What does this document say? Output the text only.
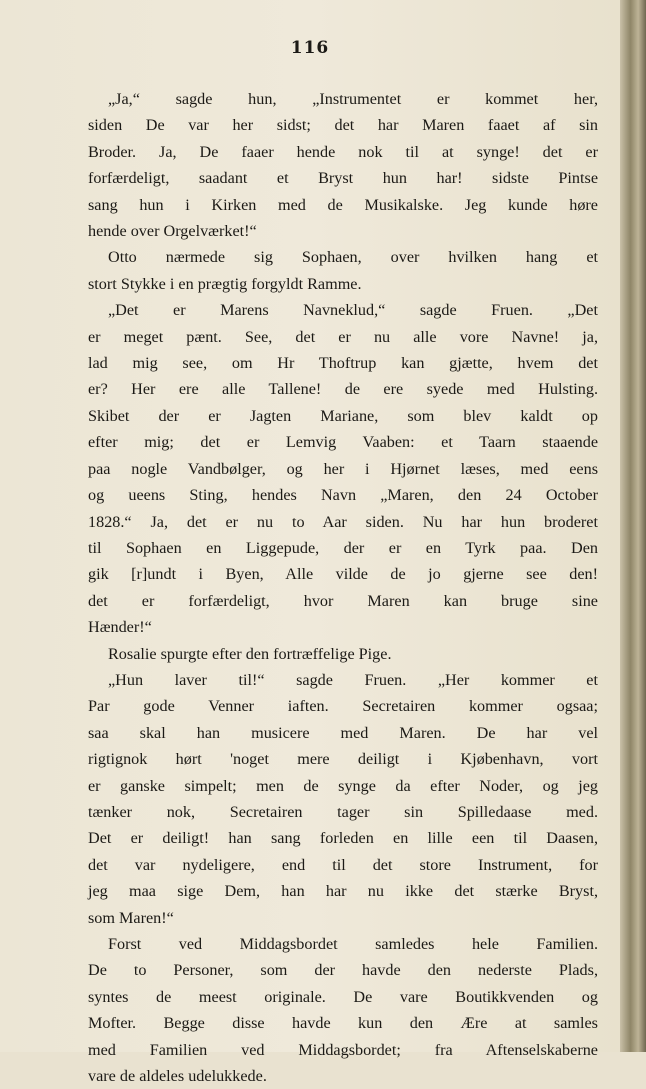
116
„Ja,“ sagde hun, „Instrumentet er kommet her,
siden De var her sidst; det har Maren faaet af sin
Broder. Ja, De faaer hende nok til at synge! det er
forfærdeligt, saadant et Bryst hun har! sidste Pintse
sang hun i Kirken med de Musikalske. Jeg kunde høre
hende over Orgelværket!“
Otto nærmede sig Sophaen, over hvilken hang et
stort Stykke i en prægtig forgyldt Ramme.
„Det er Marens Navneklud,“ sagde Fruen. „Det
er meget pænt. See, det er nu alle vore Navne! ja,
lad mig see, om Hr Thoftrup kan gjætte, hvem det
er? Her ere alle Tallene! de ere syede med Hulsting.
Skibet der er Jagten Mariane, som blev kaldt op
efter mig; det er Lemvig Vaaben: et Taarn staaende
paa nogle Vandbølger, og her i Hjørnet læses, med eens
og ueens Sting, hendes Navn „Maren, den 24 October
1828.“ Ja, det er nu to Aar siden. Nu har hun broderet
til Sophaen en Liggepude, der er en Tyrk paa. Den
gik [r]undt i Byen, Alle vilde de jo gjerne see den!
det er forfærdeligt, hvor Maren kan bruge sine
Hænder!“
Rosalie spurgte efter den fortræffelige Pige.
„Hun laver til!“ sagde Fruen. „Her kommer et
Par gode Venner iaften. Secretairen kommer ogsaa;
saa skal han musicere med Maren. De har vel
rigtignok hørt 'noget mere deiligt i Kjøbenhavn, vort
er ganske simpelt; men de synge da efter Noder, og jeg
tænker nok, Secretairen tager sin Spilledaase med.
Det er deiligt! han sang forleden en lille een til Daasen,
det var nydeligere, end til det store Instrument, for
jeg maa sige Dem, han har nu ikke det stærke Bryst,
som Maren!“
Forst ved Middagsbordet samledes hele Familien.
De to Personer, som der havde den nederste Plads,
syntes de meest originale. De vare Boutikkvenden og
Mofter. Begge disse havde kun den Ære at samles
med Familien ved Middagsbordet; fra Aftenselskaberne
vare de aldeles udelukkede.
